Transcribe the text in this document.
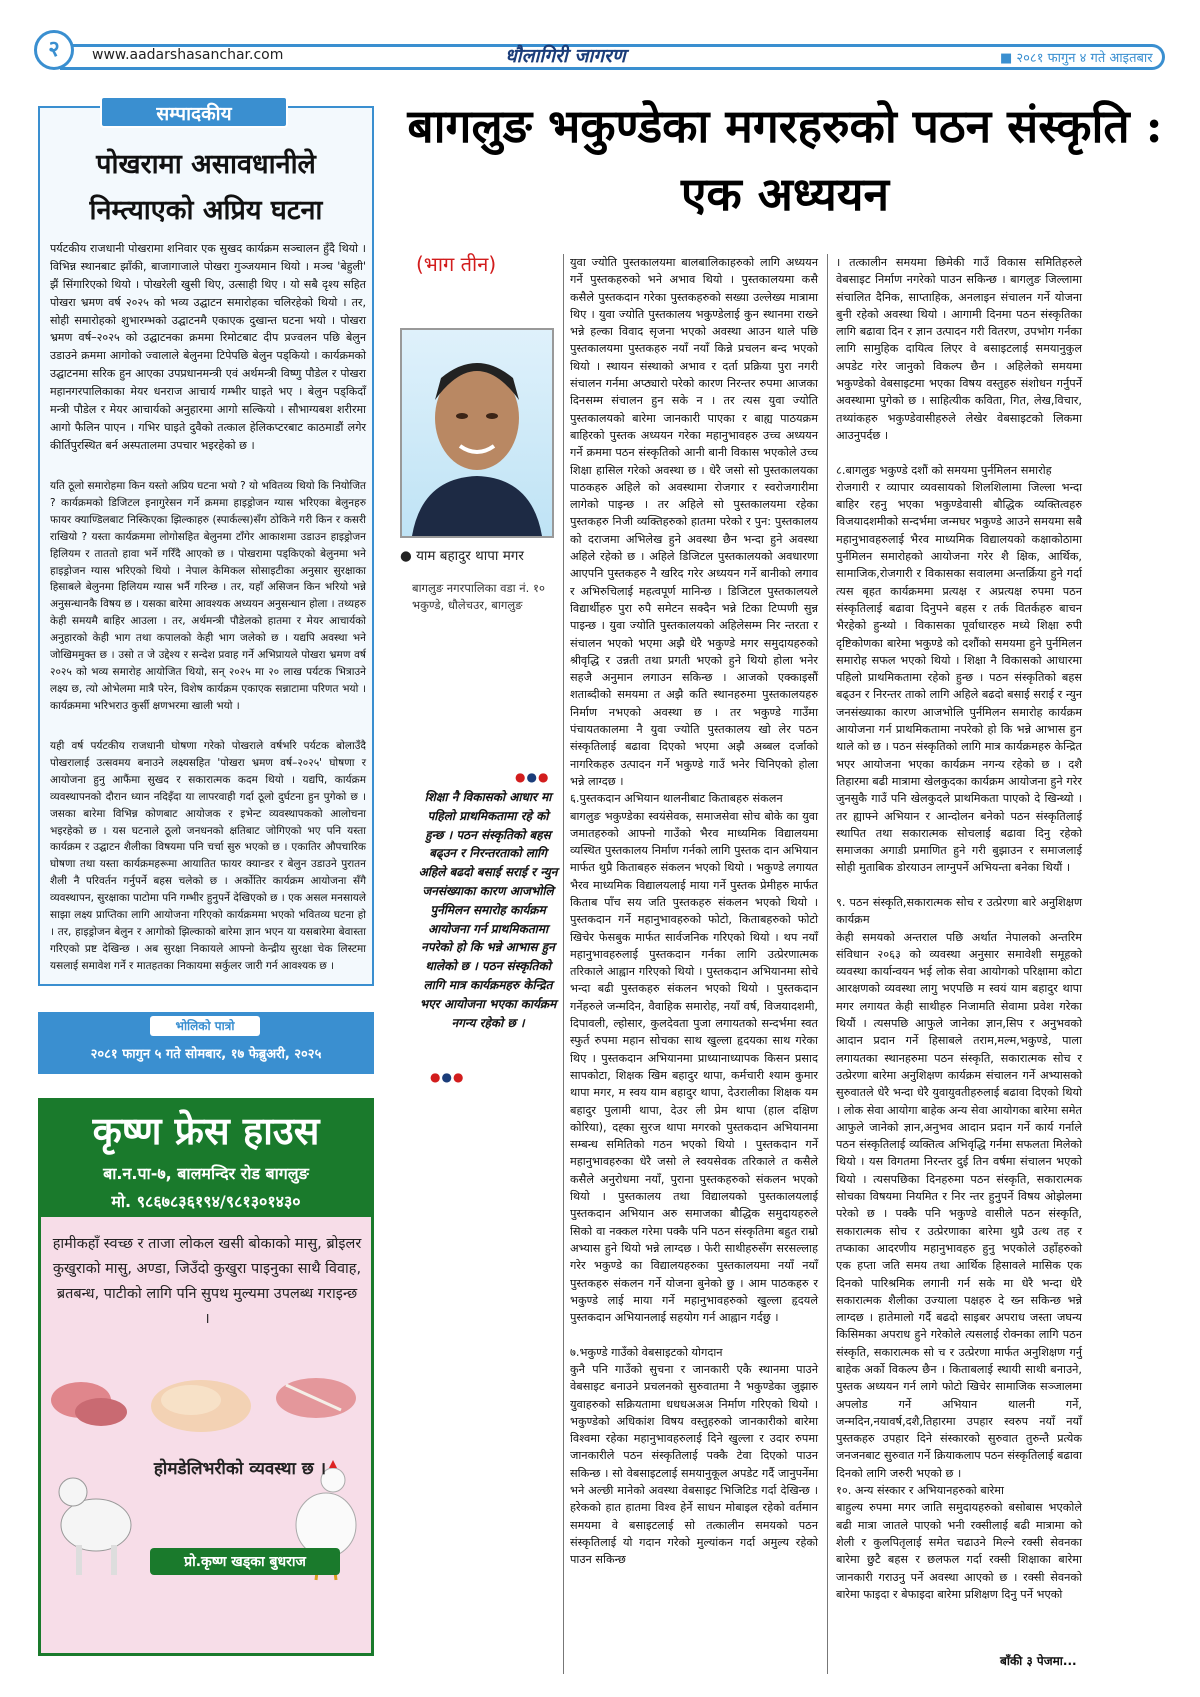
२	www.aadarshasanchar.com	धौलागिरी जागरण	■ २०८१ फागुन ४ गते आइतबार
सम्पादकीय
पोखरामा असावधानीले निम्त्याएको अप्रिय घटना
पर्यटकीय राजधानी पोखरामा शनिवार एक सुखद कार्यक्रम सञ्चालन हुँदै थियो । विभिन्न स्थानबाट झाँकी, बाजागाजाले पोखरा गुञ्जयमान थियो । मञ्च 'बेहुली' झैं सिंगारिएको थियो । पोखरेली खुसी थिए, उत्साही थिए । यो सबै दृश्य सहित पोखरा भ्रमण वर्ष २०२५ को भव्य उद्घाटन समारोहका चलिरहेको थियो । तर, सोही समारोहको शुभारम्भको उद्घाटनमै एकाएक दुखान्त घटना भयो । पोखरा भ्रमण वर्ष–२०२५ को उद्घाटनका क्रममा रिमोटबाट दीप प्रज्वलन पछि बेलुन उडाउने क्रममा आगोको ज्वालाले बेलुनमा टिपेपछि बेलुन पड्कियो । कार्यक्रमको उद्घाटनमा सरिक हुन आएका उपप्रधानमन्त्री एवं अर्थमन्त्री विष्णु पौडेल र पोखरा महानगरपालिकाका मेयर धनराज आचार्य गम्भीर घाइते भए । बेलुन पड्किदाँ मन्त्री पौडेल र मेयर आचार्यको अनुहारमा आगो सल्कियो । सौभाग्यबश शरीरमा आगो फैलिन पाएन । गभिर घाइते दुवैको तत्काल हेलिकप्टरबाट काठमाडौं लगेर कीर्तिपुरस्थित बर्न अस्पतालमा उपचार भइरहेको छ ।
यति ठूलो समारोहमा किन यस्तो अप्रिय घटना भयो ? यो भवितव्य थियो कि नियोजित ? कार्यक्रमको डिजिटल इनागुरेसन गर्ने क्रममा हाइड्रोजन ग्यास भरिएका बेलुनहरु फायर क्याण्डिलबाट निस्किएका झिल्काहरु (स्पार्कल्स)सँग ठोकिने गरी किन र कसरी राखियो ? यस्ता कार्यक्रममा लोगोसहित बेलुनमा टाँगेर आकाशमा उडाउन हाइड्रोजन हिलियम र ताततो हावा भर्ने गरिँदै आएको छ । पोखरामा पड्किएको बेलुनमा भने हाइड्रोजन ग्यास भरिएको थियो । नेपाल केमिकल सोसाइटीका अनुसार सुरक्षाका हिसाबले बेलुनमा हिलियम ग्यास भर्नै गरिन्छ । तर, यहाँ असिजन किन भरियो भन्ने अनुसन्धानकै विषय छ । यसका बारेमा आवश्यक अध्ययन अनुसन्धान होला । तथ्यहरु केही समयमै बाहिर आउला । तर, अर्थमन्त्री पौडेलको हातमा र मेयर आचार्यको अनुहारको केही भाग तथा कपालको केही भाग जलेको छ । यद्यपि अवस्था भने जोखिममुक्त छ । उसो त जे उद्देश्य र सन्देश प्रवाह गर्ने अभिप्रायले पोखरा भ्रमण वर्ष २०२५ को भव्य समारोह आयोजित थियो, सन् २०२५ मा २० लाख पर्यटक भित्राउने लक्ष्य छ, त्यो ओभेलमा मात्रै परेन, विशेष कार्यक्रम एकाएक सन्नाटामा परिणत भयो । कार्यक्रममा भरिभराउ कुर्सी क्षणभरमा खाली भयो ।
यही वर्ष पर्यटकीय राजधानी घोषणा गरेको पोखराले वर्षभरि पर्यटक बोलाउँदै पोखरालाई उत्सवमय बनाउने लक्ष्यसहित 'पोखरा भ्रमण वर्ष–२०२५' घोषणा र आयोजना हुनु आफैंमा सुखद र सकारात्मक कदम थियो । यद्यपि, कार्यक्रम व्यवस्थापनको दौरान ध्यान नदिइँदा या लापरवाही गर्दा ठूलो दुर्घटना हुन पुगेको छ । जसका बारेमा विभिन्न कोणबाट आयोजक र इभेन्ट व्यवस्थापकको आलोचना भइरहेको छ । यस घटनाले ठूलो जनधनको क्षतिबाट जोगिएको भए पनि यस्ता कार्यक्रम र उद्घाटन शैलीका विषयमा पनि चर्चा सुरु भएको छ । एकातिर औपचारिक घोषणा तथा यस्ता कार्यक्रमहरूमा आयातित फायर क्यान्डर र बेलुन उडाउने पुरातन शैली नै परिवर्तन गर्नुपर्ने बहस चलेको छ । अर्कोतिर कार्यक्रम आयोजना सँगै व्यवस्थापन, सुरक्षाका पाटोमा पनि गम्भीर हुनुपर्ने देखिएको छ । एक असल मनसायले साझा लक्ष्य प्राप्तिका लागि आयोजना गरिएको कार्यक्रममा भएको भवितव्य घटना हो । तर, हाइड्रोजन बेलुन र आगोको झिल्काको बारेमा ज्ञान भएन या यसबारेमा बेवास्ता गरिएको प्रष्ट देखिन्छ । अब सुरक्षा निकायले आफ्नो केन्द्रीय सुरक्षा चेक लिस्टमा यसलाई समावेश गर्ने र मातहतका निकायमा सर्कुलर जारी गर्न आवश्यक छ ।
भोलिको पात्रो
२०८१ फागुन ५ गते सोमबार, १७ फेब्रुअरी, २०२५
कृष्ण फ्रेस हाउस
बा.न.पा-७, बालमन्दिर रोड बागलुङ
मो. ९८६७८३६१९४/९८१३०१४३०
हामीकहाँ स्वच्छ र ताजा लोकल खसी बोकाको मासु, ब्रोइलर कुखुराको मासु, अण्डा, जिउँदो कुखुरा पाइनुका साथै विवाह, ब्रतबन्ध, पाटीको लागि पनि सुपथ मुल्यमा उपलब्ध गराइन्छ ।
होमडेलिभरीको व्यवस्था छ ।
प्रो.कृष्ण खड्का बुधराज
बागलुङ भकुण्डेका मगरहरुको पठन संस्कृति : एक अध्ययन
(भाग तीन)
● याम बहादुर थापा मगर
बागलुङ नगरपालिका वडा नं. १० भकुण्डे, धौलेचउर, बागलुङ
●●●
शिक्षा नै विकासको आधार मा पहिलो प्राथमिकतामा रहे को हुन्छ । पठन संस्कृतिको बहस बढ्उन र निरन्तरताको लागि अहिले बढदो बसाई सराई र न्युन जनसंख्याका कारण आजभोलि पुर्नमिलन समारोह कार्यक्रम आयोजना गर्न प्राथमिकतामा नपरेको हो कि भन्ने आभास हुन थालेको छ । पठन संस्कृतिको लागि मात्र कार्यक्रमहरु केन्द्रित भएर आयोजना भएका कार्यक्रम नगन्य रहेको छ ।
●●●
युवा ज्योति पुस्तकालयमा बालबालिकाहरुको लागि अध्ययन गर्ने पुस्तकहरुको भने अभाव थियो । पुस्तकालयमा कसै कसैले पुस्तकदान गरेका पुस्तकहरुको सख्या उल्लेख्य मात्रामा थिए । युवा ज्योति पुस्तकालय भकुण्डेलाई कुन स्थानमा राख्ने भन्ने हल्का विवाद सृजना भएको अवस्था आउन थाले पछि पुस्तकालयमा पुस्तकहरु नयाँ नयाँ किन्ने प्रचलन बन्द भएको थियो । स्थायन संस्थाको अभाव र दर्ता प्रक्रिया पुरा नगरी संचालन गर्नमा अप्ठ्यारो परेको कारण निरन्तर रुपमा आजका दिनसम्म संचालन हुन सके न । तर त्यस युवा ज्योति पुस्तकालयको बारेमा जानकारी पाएका र बाह्य पाठयक्रम बाहिरको पुस्तक अध्ययन गरेका महानुभावहरु उच्च अध्ययन गर्ने क्रममा पठन संस्कृतिको आनी बानी विकास भएकोले उच्च शिक्षा हासिल गरेको अवस्था छ । धेरै जसो सो पुस्तकालयका पाठकहरु अहिले को अवस्थामा रोजगार र स्वरोजगारीमा लागेको पाइन्छ । तर अहिले सो पुस्तकालयमा रहेका पुस्तकहरु निजी व्यक्तिहरुको हातमा परेको र पुन: पुस्तकालय को दराजमा अभिलेख हुने अवस्था छैन भन्दा हुने अवस्था अहिले रहेको छ । अहिले डिजिटल पुस्तकालयको अवधारणा आएपनि पुस्तकहरु नै खरिद गरेर अध्ययन गर्ने बानीको लगाव र अभिरुचिलाई महत्वपूर्ण मानिन्छ । डिजिटल पुस्तकालयले विद्यार्थीहरु पुरा रुपै समेटन सक्दैन भन्ने टिका टिप्पणी सुन्न पाइन्छ । युवा ज्योति पुस्तकालयको अहिलेसम्म निर न्तरता र संचालन भएको भएमा अझै धेरै भकुण्डे मगर समुदायहरुको श्रीवृद्धि र उन्नती तथा प्रगती भएको हुने थियो होला भनेर सहजै अनुमान लगाउन सकिन्छ । आजको एक्काइसौं शताब्दीको समयमा त अझै कति स्थानहरुमा पुस्तकालयहरु निर्माण नभएको अवस्था छ । तर भकुण्डे गाउँमा पंचायतकालमा नै युवा ज्योति पुस्तकालय खो लेर पठन संस्कृतिलाई बढावा दिएको भएमा अझै अब्बल दर्जाको नागरिकहरु उत्पादन गर्ने भकुण्डे गाउँ भनेर चिनिएको होला भन्ने लाग्दछ ।
६.पुस्तकदान अभियान थालनीबाट किताबहरु संकलन
बागलुङ भकुण्डेका स्वयंसेवक, समाजसेवा सोच बोके का युवा जमातहरुको आफ्नो गाउँको भैरव माध्यमिक विद्यालयमा व्यस्थित पुस्तकालय निर्माण गर्नको लागि पुस्तक दान अभियान मार्फत थुप्रै किताबहरु संकलन भएको थियो । भकुण्डे लगायत भैरव माध्यमिक विद्यालयलाई माया गर्ने पुस्तक प्रेमीहरु मार्फत किताब पाँच सय जति पुस्तकहरु संकलन भएको थियो । पुस्तकदान गर्ने महानुभावहरुको फोटो, किताबहरुको फोटो खिचेर फेसबुक मार्फत सार्वजनिक गरिएको थियो । थप नयाँ महानुभावहरुलाई पुस्तकदान गर्नका लागि उत्प्रेरणात्मक तरिकाले आह्वान गरिएको थियो । पुस्तकदान अभियानमा सोचे भन्दा बढी पुस्तकहरु संकलन भएको थियो । पुस्तकदान गर्नेहरुले जन्मदिन, वैवाहिक समारोह, नयाँ वर्ष, विजयादशमी, दिपावली, ल्होसार, कुलदेवता पुजा लगायतको सन्दर्भमा स्वत स्फुर्त रुपमा महान सोचका साथ खुल्ला हृदयका साथ गरेका थिए । पुस्तकदान अभियानमा प्राध्यानाध्यापक किसन प्रसाद सापकोटा, शिक्षक खिम बहादुर थापा, कर्मचारी श्याम कुमार थापा मगर, म स्वय याम बहादुर थापा, देउरालीका शिक्षक यम बहादुर पुलामी थापा, देउर ली प्रेम थापा (हाल दक्षिण कोरिया), दह्का सुरज थापा मगरको पुस्तकदान अभियानमा सम्बन्ध समितिको गठन भएको थियो । पुस्तकदान गर्ने महानुभावहरुका धेरै जसो ले स्वयसेवक तरिकाले त कसैले कसैले अनुरोधमा नयाँ, पुराना पुस्तकहरुको संकलन भएको थियो । पुस्तकालय तथा विद्यालयको पुस्तकालयलाई पुस्तकदान अभियान अरु समाजका बौद्धिक समुदायहरुले सिको वा नक्कल गरेमा पक्कै पनि पठन संस्कृतिमा बहुत राम्रो अभ्यास हुने थियो भन्ने लाग्दछ । फेरी साथीहरुसँग सरसल्लाह गरेर भकुण्डे का विद्यालयहरुका पुस्तकालयमा नयाँ नयाँ पुस्तकहरु संकलन गर्ने योजना बुनेको छु । आम पाठकहरु र भकुण्डे लाई माया गर्ने महानुभावहरुको खुल्ला हृदयले पुस्तकदान अभियानलाई सहयोग गर्न आह्वान गर्दछु ।

७.भकुण्डे गाउँको वेबसाइटको योगदान
कुनै पनि गाउँको सुचना र जानकारी एकै स्थानमा पाउने वेबसाइट बनाउने प्रचलनको सुरुवातमा नै भकुण्डेका जुझारु युवाहरुको सक्रियतामा धधधअअअ निर्माण गरिएको थियो । भकुण्डेको अधिकांश विषय वस्तुहरुको जानकारीको बारेमा विश्वमा रहेका महानुभावहरुलाई दिने खुल्ला र उदार रुपमा जानकारीले पठन संस्कृतिलाई पक्कै टेवा दिएको पाउन सकिन्छ । सो वेबसाइटलाई समयानुकूल अपडेट गर्दै जानुपर्नेमा भने अल्छी मानेको अवस्था वेबसाइट भिजिटिड गर्दा देखिन्छ । हरेकको हात हातमा विश्व हेर्ने साधन मोबाइल रहेको वर्तमान समयमा वे बसाइटलाई सो तत्कालीन समयको पठन संस्कृतिलाई यो गदान गरेको मुल्यांकन गर्दा अमुल्य रहेको पाउन सकिन्छ
। तत्कालीन समयमा छिमेकी गाउँ विकास समितिहरुले वेबसाइट निर्माण नगरेको पाउन सकिन्छ । बागलुङ जिल्लामा संचालित दैनिक, साप्ताहिक, अनलाइन संचालन गर्ने योजना बुनी रहेको अवस्था थियो । आगामी दिनमा पठन संस्कृतिका लागि बढावा दिन र ज्ञान उत्पादन गरी वितरण, उपभोग गर्नका लागि सामुहिक दायित्व लिएर वे बसाइटलाई समयानुकुल अपडेट गरेर जानुको विकल्प छैन । अहिलेको समयमा भकुण्डेको वेबसाइटमा भएका विषय वस्तुहरु संशोधन गर्नुपर्ने अवस्थामा पुगेको छ । साहित्यीक कविता, गित, लेख,विचार, तथ्यांकहरु भकुण्डेवासीहरुले लेखेर वेबसाइटको लिकमा आउनुपर्दछ ।

८.बागलुङ भकुण्डे दशौं को समयमा पुर्नमिलन समारोह
रोजगारी र व्यापार व्यवसायको शिलशिलामा जिल्ला भन्दा बाहिर रहनु भएका भकुण्डेवासी बौद्धिक व्यक्तित्वहरु विजयादशमीको सन्दर्भमा जन्मघर भकुण्डे आउने समयमा सबै महानुभावहरुलाई भैरव माध्यमिक विद्यालयको कक्षाकोठामा पुर्नमिलन समारोहको आयोजना गरेर शै क्षिक, आर्थिक, सामाजिक,रोजगारी र विकासका सवालमा अन्तर्क्रिया हुने गर्दा त्यस बृहत कार्यक्रममा प्रत्यक्ष र अप्रत्यक्ष रुपमा पठन संस्कृतिलाई बढावा दिनुपने बहस र तर्क वितर्कहरु बाचन भैरहेको हुन्थ्यो । विकासका पूर्वाधारहरु मध्ये शिक्षा रुपी दृष्टिकोणका बारेमा भकुण्डे को दशौंको समयमा हुने पुर्नमिलन समारोह सफल भएको थियो । शिक्षा नै विकासको आधारमा पहिलो प्राथमिकतामा रहेको हुन्छ । पठन संस्कृतिको बहस बढ्उन र निरन्तर ताको लागि अहिले बढदो बसाई सराई र न्युन जनसंख्याका कारण आजभोलि पुर्नमिलन समारोह कार्यक्रम आयोजना गर्न प्राथमिकतामा नपरेको हो कि भन्ने आभास हुन थाले को छ । पठन संस्कृतिको लागि मात्र कार्यक्रमहरु केन्द्रित भएर आयोजना भएका कार्यक्रम नगन्य रहेको छ । दशै तिहारमा बढी मात्रामा खेलकुदका कार्यक्रम आयोजना हुने गरेर जुनसुकै गाउँ पनि खेलकुदले प्राथमिकता पाएको दे खिन्थ्यो । तर ह्याफ्ने अभियान र आन्दोलन बनेको पठन संस्कृतिलाई स्थापित तथा सकारात्मक सोचलाई बढावा दिनु रहेको समाजका अगाडी प्रमाणित हुने गरी बुझाउन र समाजलाई सोही मुताबिक डोरयाउन लाग्नुपर्ने अभियन्ता बनेका थियौं ।

९. पठन संस्कृति,सकारात्मक सोच र उत्प्रेरणा बारे अनुशिक्षण कार्यक्रम
केही समयको अन्तराल पछि अर्थात नेपालको अन्तरिम संविधान २०६३ को व्यवस्था अनुसार समावेशी समूहको व्यवस्था कार्यान्वयन भई लोक सेवा आयोगको परिक्षामा कोटा आरक्षणको व्यवस्था लागु भएपछि म स्वयं याम बहादुर थापा मगर लगायत केही साथीहरु निजामति सेवामा प्रवेश गरेका थियौं । त्यसपछि आफुले जानेका ज्ञान,सिप र अनुभवको आदान प्रदान गर्ने हिसाबले तराम,मल्म,भकुण्डे, पाला लगायतका स्थानहरुमा पठन संस्कृति, सकारात्मक सोच र उत्प्रेरणा बारेमा अनुशिक्षण कार्यक्रम संचालन गर्ने अभ्यासको सुरुवातले धेरै भन्दा धेरै युवायुवतीहरुलाई बढावा दिएको थियो । लोक सेवा आयोगा बाहेक अन्य सेवा आयोगका बारेमा समेत आफुले जानेको ज्ञान,अनुभव आदान प्रदान गर्ने कार्य गर्नाले पठन संस्कृतिलाई व्यक्तित्व अभिवृद्धि गर्नमा सफलता मिलेको थियो । यस विगतमा निरन्तर दुई तिन वर्षमा संचालन भएको थियो । त्यसपछिका दिनहरुमा पठन संस्कृति, सकारात्मक सोचका विषयमा नियमित र निर न्तर हुनुपर्ने विषय ओझेलमा परेको छ । पक्कै पनि भकुण्डे वासीले पठन संस्कृति, सकारात्मक सोच र उत्प्रेरणाका बारेमा थुप्रै उत्थ तह र तप्काका आदरणीय महानुभावहरु हुनु भएकोले उहाँहरुको एक हप्ता जति समय तथा आर्थिक हिसावले मासिक एक दिनको पारिश्रमिक लगानी गर्न सके मा धेरै भन्दा धेरै सकारात्मक शैलीका उज्याला पक्षहरु दे ख्न सकिन्छ भन्ने लाग्दछ । हातेमालो गर्दै बढदो साइबर अपराध जस्ता जघन्य किसिमका अपराध हुने गरेकोले त्यसलाई रोक्नका लागि पठन संस्कृति, सकारात्मक सो च र उत्प्रेरणा मार्फत अनुशिक्षण गर्नु बाहेक अर्को विकल्प छैन । किताबलाई स्थायी साथी बनाउने, पुस्तक अध्ययन गर्न लागे फोटो खिचेर सामाजिक सञ्जालमा अपलोड गर्ने अभियान थालनी गर्ने, जन्मदिन,नयावर्ष,दशै,तिहारमा उपहार स्वरुप नयाँ नयाँ पुस्तकहरु उपहार दिने संस्कारको सुरुवात तुरुन्तै प्रत्येक जनजनबाट सुरुवात गर्ने क्रियाकलाप पठन संस्कृतिलाई बढावा दिनको लागि जरुरी भएको छ ।
१०. अन्य संस्कार र अभियानहरुको बारेमा
बाहुल्य रुपमा मगर जाति समुदायहरुको बसोबास भएकोले बढी मात्रा जातले पाएको भनी रक्सीलाई बढी मात्रामा को शेली र कुलपितृलाई समेत चढाउने मिल्ने रक्सी सेवनका बारेमा छुटै बहस र छलफल गर्दा रक्सी शिक्षाका बारेमा जानकारी गराउनु पर्ने अवस्था आएको छ । रक्सी सेवनको बारेमा फाइदा र बेफाइदा बारेमा प्रशिक्षण दिनु पर्ने भएको
बाँकी ३ पेजमा...
